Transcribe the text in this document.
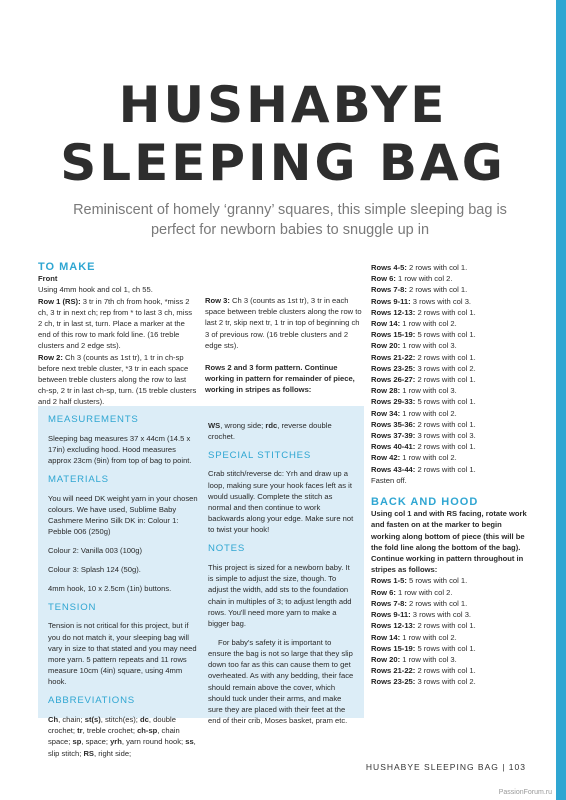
HUSHABYE
SLEEPING BAG
Reminiscent of homely ‘granny’ squares, this simple sleeping bag is perfect for newborn babies to snuggle up in

TO MAKE

Front

Using 4mm hook and col 1, ch 55.

Row 1 (RS): 3 tr in 7th ch from hook, *miss 2 ch, 3 tr in next ch; rep from * to last 3 ch, miss 2 ch, tr in last st, turn. Place a marker at the end of this row to mark fold line. (16 treble clusters and 2 edge sts).

Row 2: Ch 3 (counts as 1st tr), 1 tr in ch-sp before next treble cluster, *3 tr in each space between treble clusters along the row to last ch-sp, 2 tr in last ch-sp, turn. (15 treble clusters and 2 half clusters).

Row 3: Ch 3 (counts as 1st tr), 3 tr in each space between treble clusters along the row to last 2 tr, skip next tr, 1 tr in top of beginning ch 3 of previous row. (16 treble clusters and 2 edge sts).

Rows 2 and 3 form pattern. Continue working in pattern for remainder of piece, working in stripes as follows:

Rows 4-5: 2 rows with col 1.

Row 6: 1 row with col 2.

Rows 7-8: 2 rows with col 1.

Rows 9-11: 3 rows with col 3.

Rows 12-13: 2 rows with col 1.

Row 14: 1 row with col 2.

Rows 15-19: 5 rows with col 1.

Row 20: 1 row with col 3.

Rows 21-22: 2 rows with col 1.

Rows 23-25: 3 rows with col 2.

Rows 26-27: 2 rows with col 1.

Row 28: 1 row with col 3.

Rows 29-33: 5 rows with col 1.

Row 34: 1 row with col 2.

Rows 35-36: 2 rows with col 1.

Rows 37-39: 3 rows with col 3.

Rows 40-41: 2 rows with col 1.

Row 42: 1 row with col 2.

Rows 43-44: 2 rows with col 1.

Fasten off.

BACK AND HOOD

Using col 1 and with RS facing, rotate work and fasten on at the marker to begin working along bottom of piece (this will be the fold line along the bottom of the bag). Continue working in pattern throughout in stripes as follows:

Rows 1-5: 5 rows with col 1.

Row 6: 1 row with col 2.

Rows 7-8: 2 rows with col 1.

Rows 9-11: 3 rows with col 3.

Rows 12-13: 2 rows with col 1.

Row 14: 1 row with col 2.

Rows 15-19: 5 rows with col 1.

Row 20: 1 row with col 3.

Rows 21-22: 2 rows with col 1.

Rows 23-25: 3 rows with col 2.

MEASUREMENTS

Sleeping bag measures 37 x 44cm (14.5 x 17in) excluding hood. Hood measures approx 23cm (9in) from top of bag to point.

MATERIALS

You will need DK weight yarn in your chosen colours. We have used, Sublime Baby Cashmere Merino Silk DK in: Colour 1: Pebble 006 (250g)

Colour 2: Vanilla 003 (100g)

Colour 3: Splash 124 (50g).

4mm hook, 10 x 2.5cm (1in) buttons.

TENSION

Tension is not critical for this project, but if you do not match it, your sleeping bag will vary in size to that stated and you may need more yarn. 5 pattern repeats and 11 rows measure 10cm (4in) square, using 4mm hook.

ABBREVIATIONS

Ch, chain; st(s), stitch(es); dc, double crochet; tr, treble crochet; ch-sp, chain space; sp, space; yrh, yarn round hook; ss, slip stitch; RS, right side;

WS, wrong side; rdc, reverse double crochet.

SPECIAL STITCHES

Crab stitch/reverse dc: Yrh and draw up a loop, making sure your hook faces left as it would usually. Complete the stitch as normal and then continue to work backwards along your edge. Make sure not to twist your hook!

NOTES

This project is sized for a newborn baby. It is simple to adjust the size, though. To adjust the width, add sts to the foundation chain in multiples of 3; to adjust length add rows. You'll need more yarn to make a bigger bag.

For baby's safety it is important to ensure the bag is not so large that they slip down too far as this can cause them to get overheated. As with any bedding, their face should remain above the cover, which should tuck under their arms, and make sure they are placed with their feet at the end of their crib, Moses basket, pram etc.

HUSHABYE SLEEPING BAG | 103
PassionForum.ru
